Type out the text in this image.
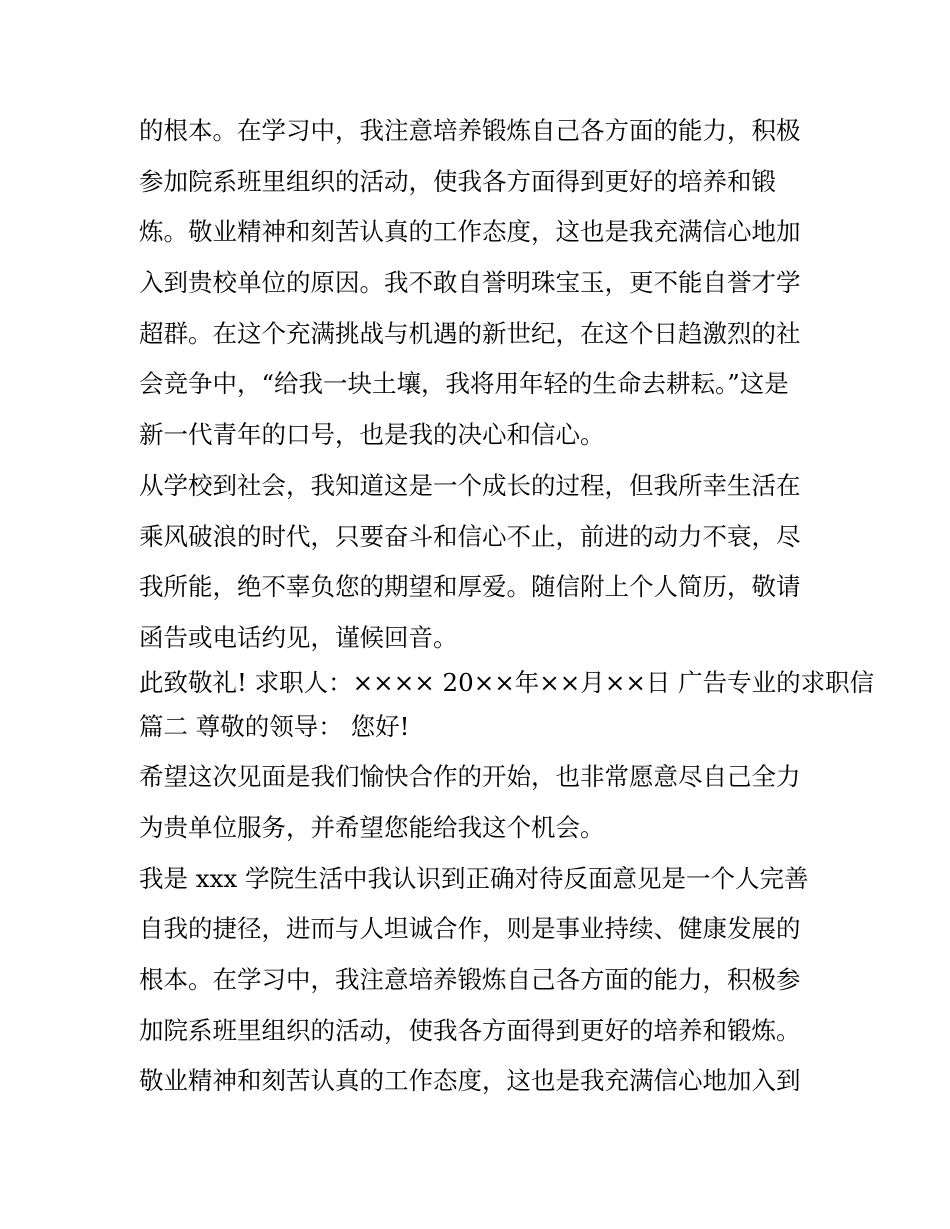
的根本。在学习中，我注意培养锻炼自己各方面的能力，积极
参加院系班里组织的活动，使我各方面得到更好的培养和锻
炼。敬业精神和刻苦认真的工作态度，这也是我充满信心地加
入到贵校单位的原因。我不敢自誉明珠宝玉，更不能自誉才学
超群。在这个充满挑战与机遇的新世纪，在这个日趋激烈的社
会竞争中，“给我一块土壤，我将用年轻的生命去耕耘。”这是
新一代青年的口号，也是我的决心和信心。
从学校到社会，我知道这是一个成长的过程，但我所幸生活在
乘风破浪的时代，只要奋斗和信心不止，前进的动力不衰，尽
我所能，绝不辜负您的期望和厚爱。随信附上个人简历，敬请
函告或电话约见，谨候回音。
此致敬礼! 求职人：×××× 20××年××月××日 广告专业的求职信
篇二 尊敬的领导： 您好!
希望这次见面是我们愉快合作的开始，也非常愿意尽自己全力
为贵单位服务，并希望您能给我这个机会。
我是 xxx 学院生活中我认识到正确对待反面意见是一个人完善
自我的捷径，进而与人坦诚合作，则是事业持续、健康发展的
根本。在学习中，我注意培养锻炼自己各方面的能力，积极参
加院系班里组织的活动，使我各方面得到更好的培养和锻炼。
敬业精神和刻苦认真的工作态度，这也是我充满信心地加入到
